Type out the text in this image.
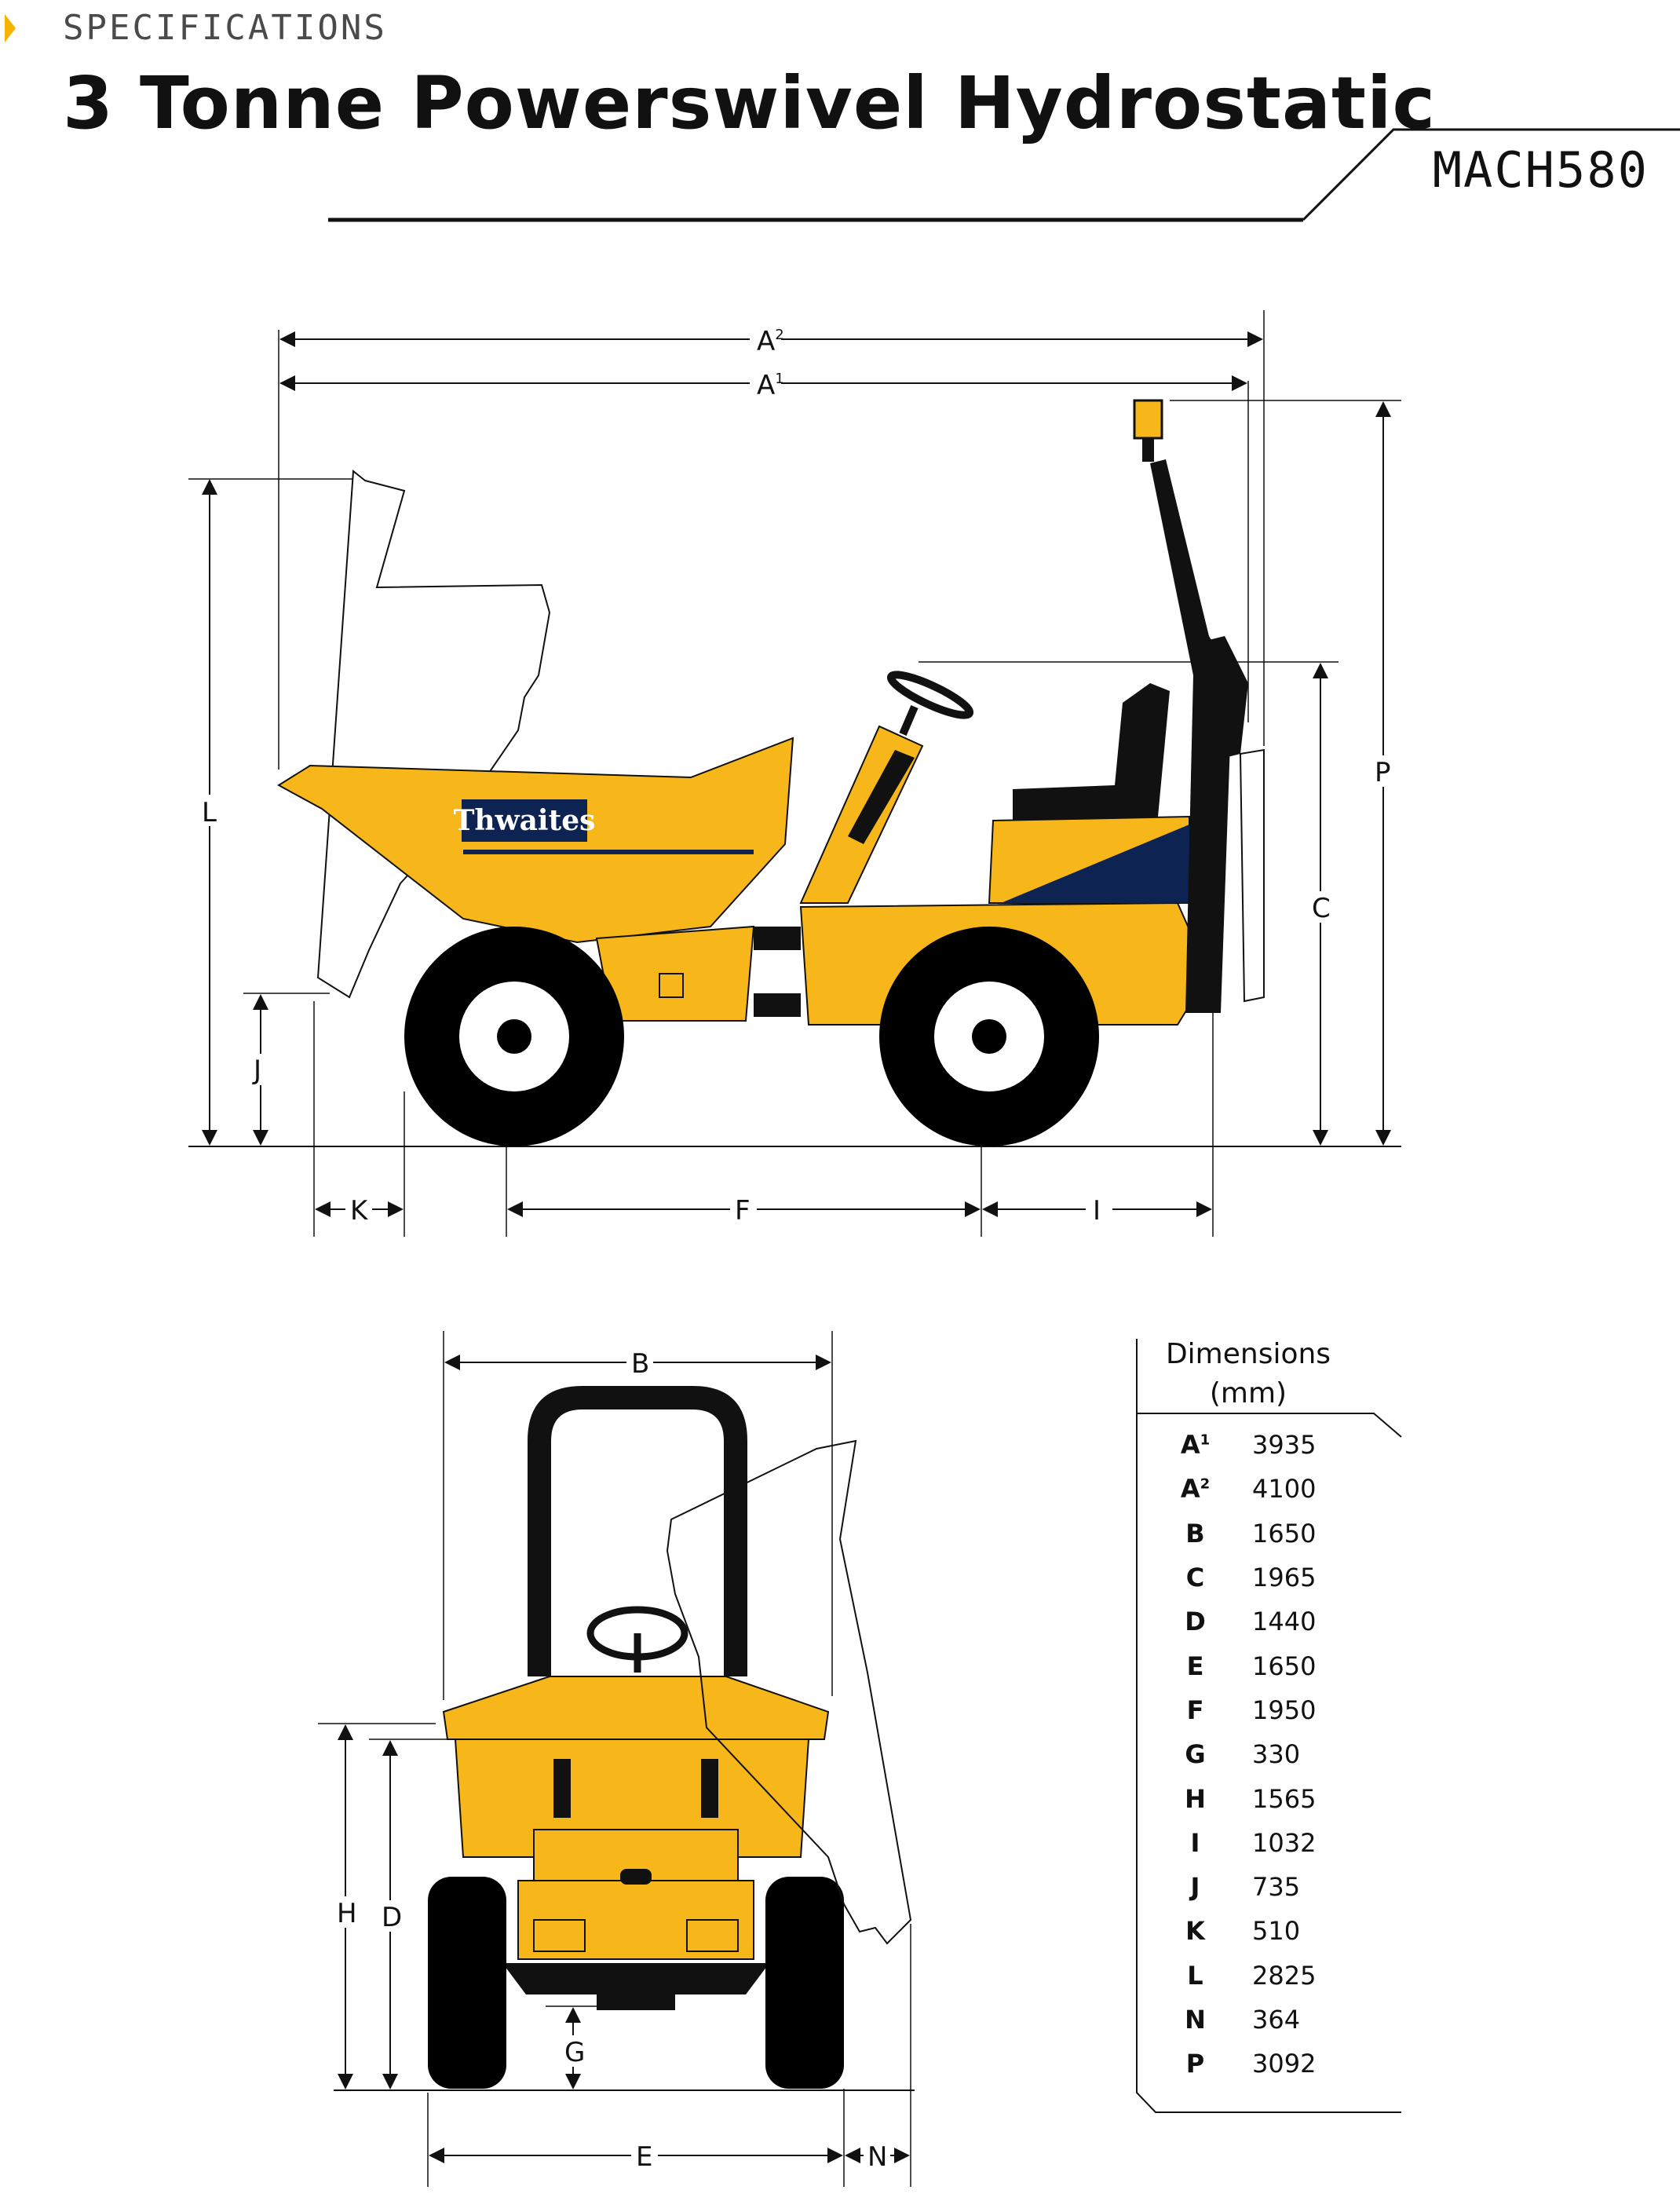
SPECIFICATIONS
3 Tonne Powerswivel Hydrostatic
MACH580
Thwaites
$A^2$
$A^1$
L
J
C
P
K	F	I
B
H D
G
E	N
Dimensions
(mm)
$A^1$	3935
$A^2$	4100
B	1650
C	1965
D	1440
E	1650
F	1950
G	330
H	1565
I	1032
J	735
K	510
L	2825
N	364
P	3092
